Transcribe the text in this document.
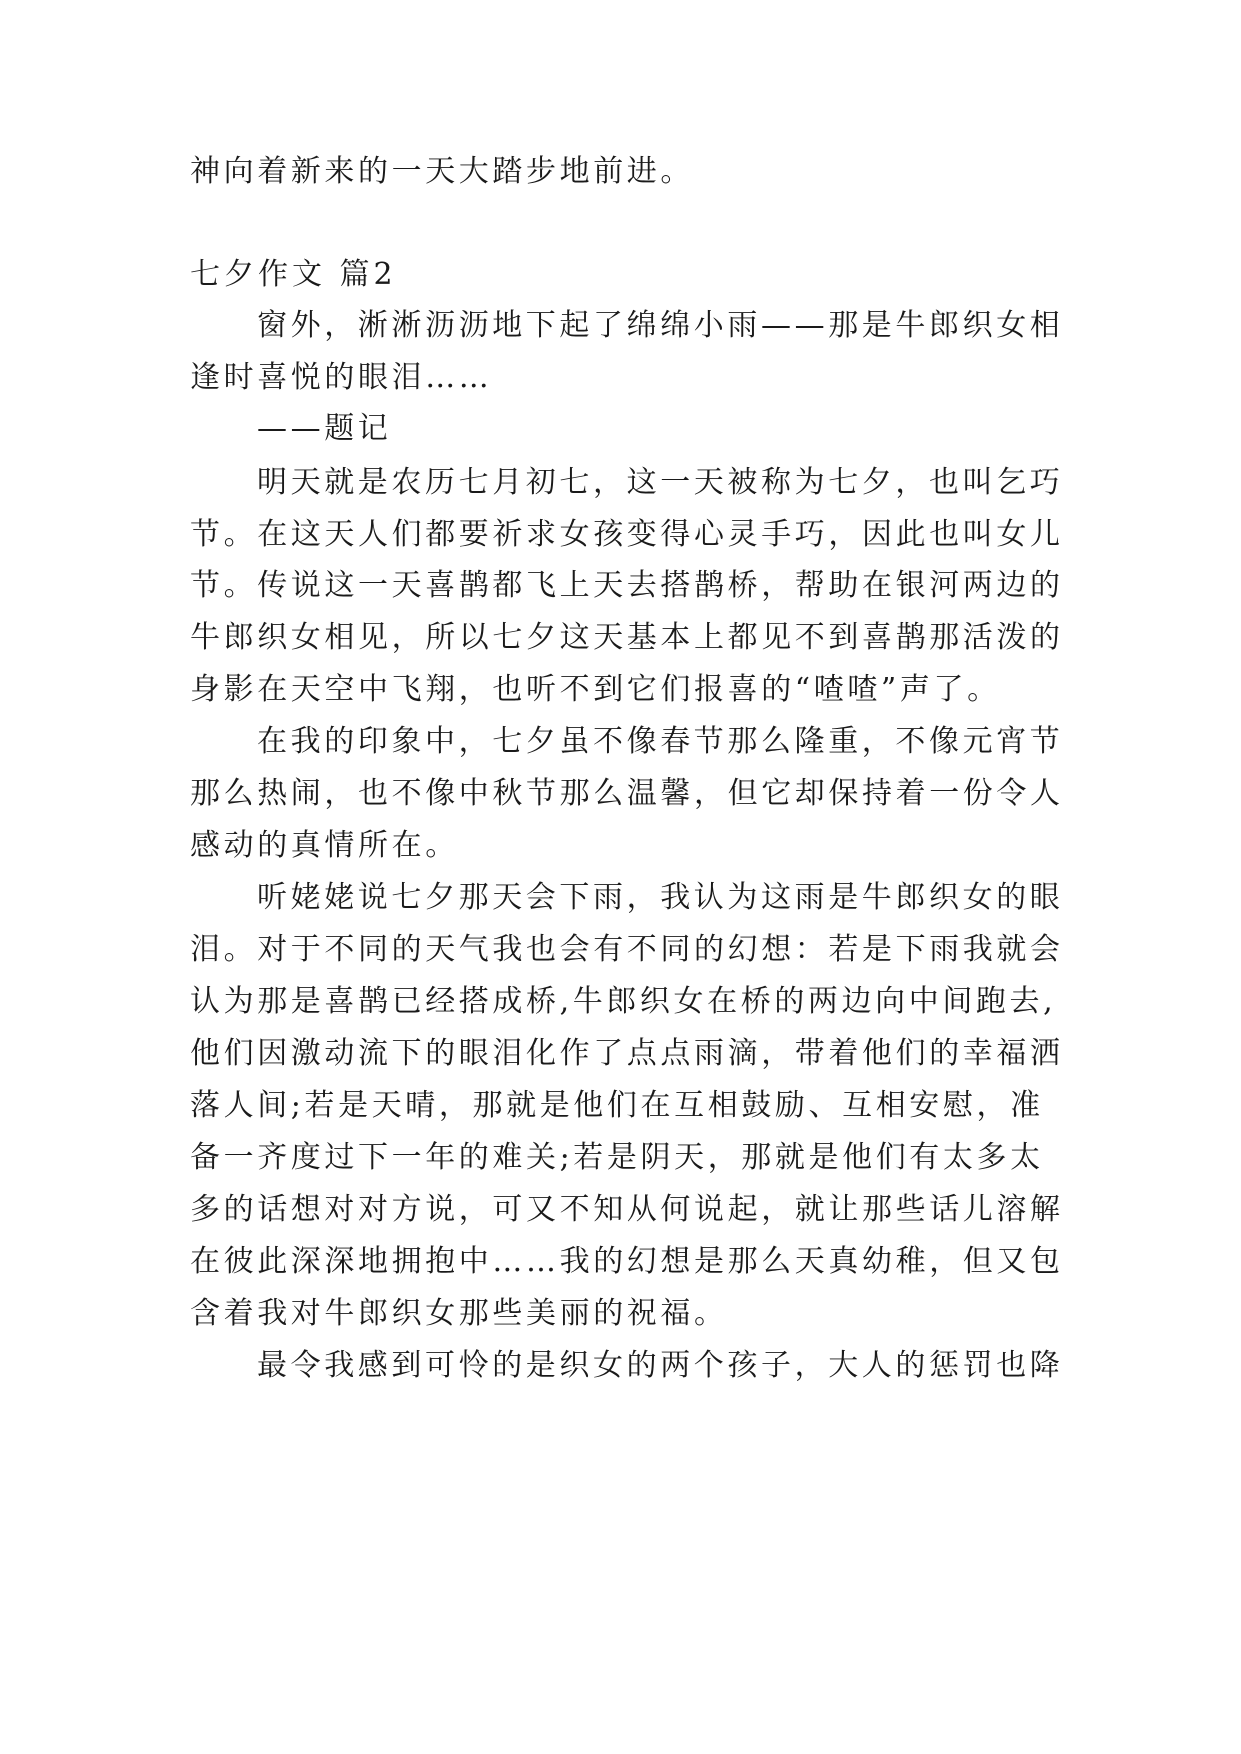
神向着新来的一天大踏步地前进。
七夕作文 篇2
窗外，淅淅沥沥地下起了绵绵小雨——那是牛郎织女相
逢时喜悦的眼泪……
——题记
明天就是农历七月初七，这一天被称为七夕，也叫乞巧
节。在这天人们都要祈求女孩变得心灵手巧，因此也叫女儿
节。传说这一天喜鹊都飞上天去搭鹊桥，帮助在银河两边的
牛郎织女相见，所以七夕这天基本上都见不到喜鹊那活泼的
身影在天空中飞翔，也听不到它们报喜的“喳喳”声了。
在我的印象中，七夕虽不像春节那么隆重，不像元宵节
那么热闹，也不像中秋节那么温馨，但它却保持着一份令人
感动的真情所在。
听姥姥说七夕那天会下雨，我认为这雨是牛郎织女的眼
泪。对于不同的天气我也会有不同的幻想：若是下雨我就会
认为那是喜鹊已经搭成桥,牛郎织女在桥的两边向中间跑去,
他们因激动流下的眼泪化作了点点雨滴，带着他们的幸福洒
落人间;若是天晴，那就是他们在互相鼓励、互相安慰，准
备一齐度过下一年的难关;若是阴天，那就是他们有太多太
多的话想对对方说，可又不知从何说起，就让那些话儿溶解
在彼此深深地拥抱中……我的幻想是那么天真幼稚，但又包
含着我对牛郎织女那些美丽的祝福。
最令我感到可怜的是织女的两个孩子，大人的惩罚也降
